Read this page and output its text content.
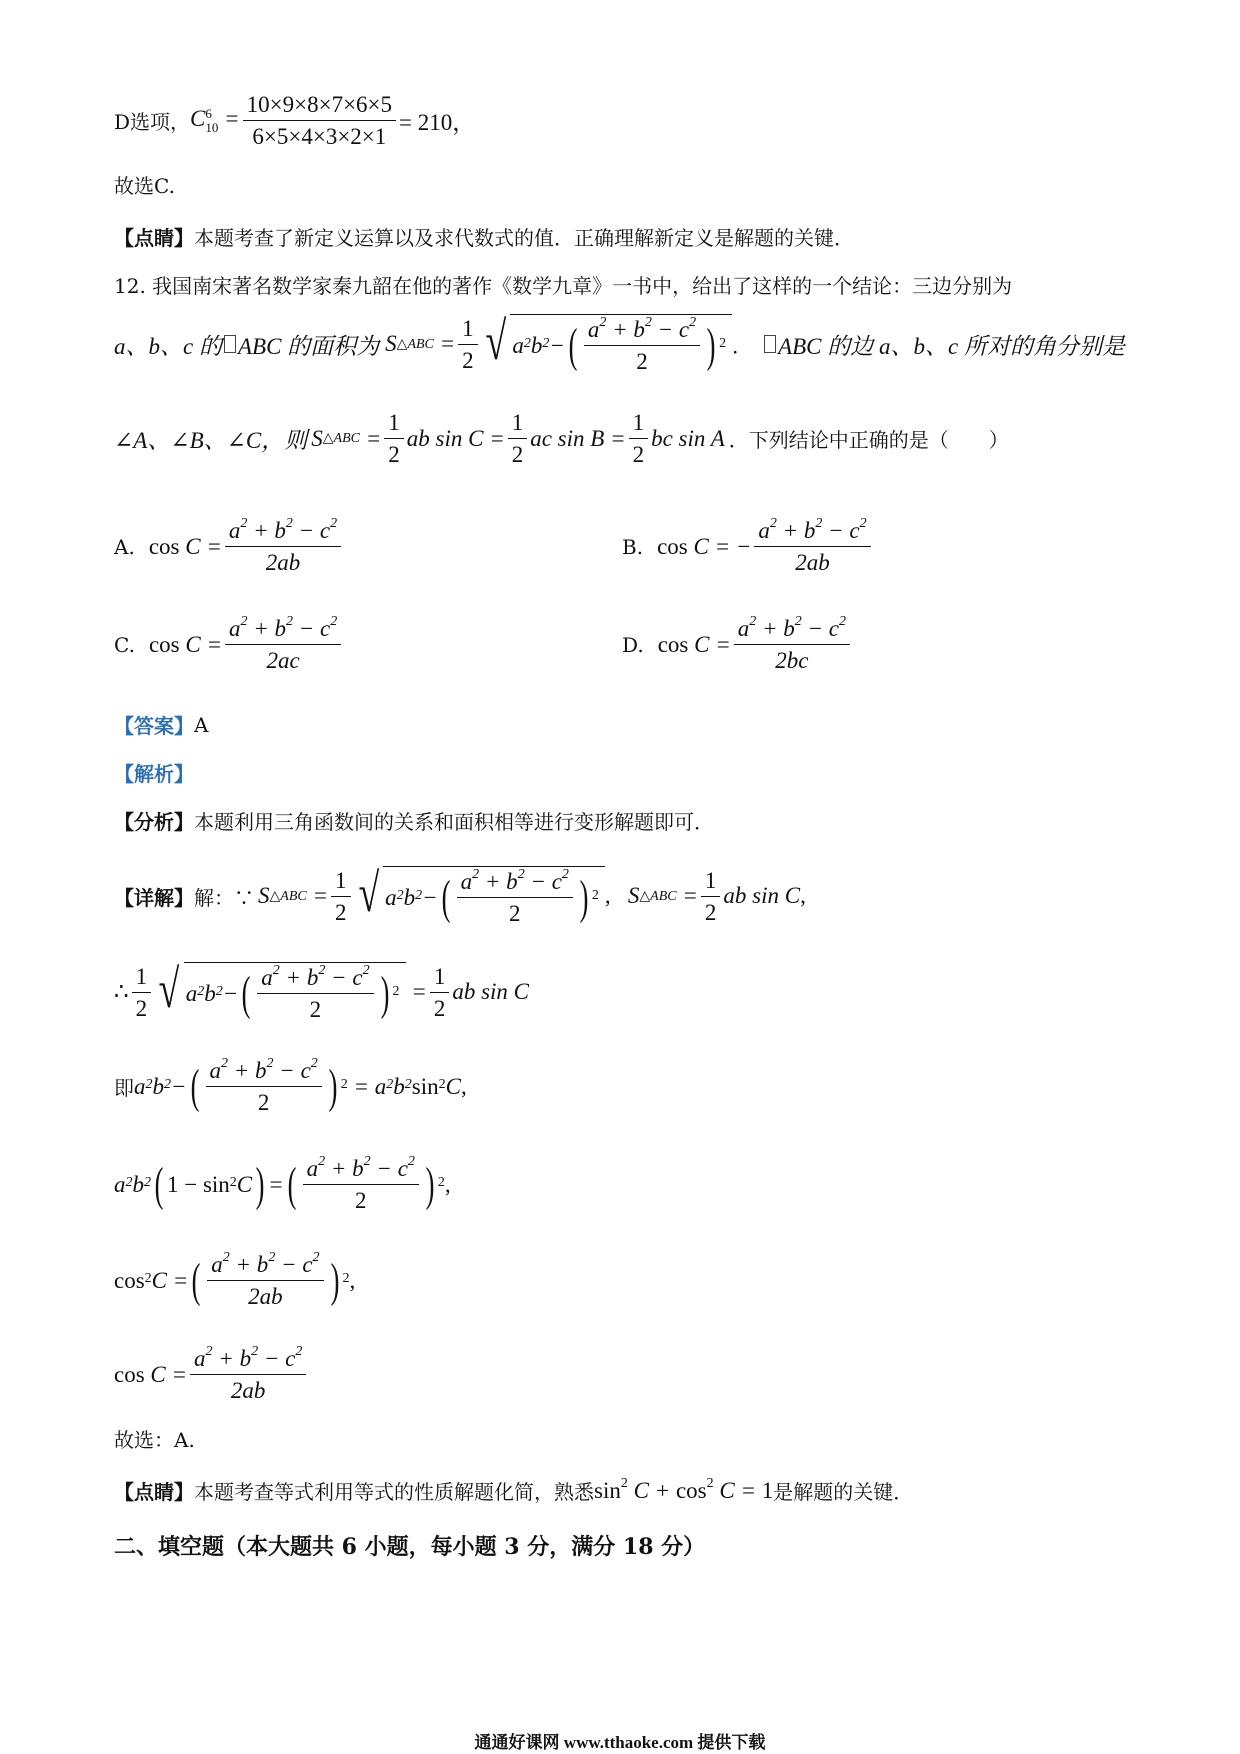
D选项， C 6
$10 = \frac{10\times 9\times 8\times 7\times 6\times 5}{6\times 5\times 4\times 3\times 2\times 1} = 210$，
故选C.
【点睛】 本题考查了新定义运算以及求代数式的值．正确理解新定义是解题的关键．
12. 我国南宋著名数学家秦九韶在他的著作《数学九章》一书中，给出了这样的一个结论：三边分别为
a、b、c 的 ABC 的面积为 S △ABC = $\frac{1}{2}$ √ a 2 b 2 − ( $\frac{a^2 + b^2 - c^2}{2}$ ) 2 ． ABC 的边 a、b、c 所对的角分别是
∠A、∠B、∠C，则 S △ABC = $\frac{1}{2}$ ab $\sin C = \frac{1}{2}$ ac $\sin B = \frac{1}{2}$ bc sin A ．下列结论中正确的是（　　）
A. $\cos C = \frac{a^2 + b^2 - c^2}{2ab}$	B. cos C = − $\frac{a^2 + b^2 - c^2}{2ab}$
C. $\cos C = \frac{a^2 + b^2 - c^2}{2ac}$	D. $\cos C = \frac{a^2 + b^2 - c^2}{2bc}$
【答案】 A
【解析】
【分析】 本题利用三角函数间的关系和面积相等进行变形解题即可．
【详解】 解：∵ S △ABC = $\frac{1}{2}$ √ a 2 b 2 − ( $\frac{a^2 + b^2 - c^2}{2}$ ) 2 , S △ABC = $\frac{1}{2}$ ab sin C ,
∴ $\frac{1}{2}$ √ a 2 b 2 − ( $\frac{a^2 + b^2 - c^2}{2}$ ) $2 = \frac{1}{2}$ ab sin C
即 a 2 b 2 − ( $\frac{a^2 + b^2 - c^2}{2}$ ) 2 = a 2 b 2 sin 2 C ,
a 2 b 2 ( 1 − sin 2 C ) = ( $\frac{a^2 + b^2 - c^2}{2}$ ) 2 ,
cos 2 C = ( $\frac{a^2 + b^2 - c^2}{2ab}$ ) 2 ,
$\cos C = \frac{a^2 + b^2 - c^2}{2ab}$
故选：A.
【点睛】 本题考查等式利用等式的性质解题化简，熟悉 $\sin^2 C + \cos^2 C = 1$ 是解题的关键．
二、填空题（本大题共 6 小题，每小题 3 分，满分 18 分）
通通好课网 www.tthaoke.com 提供下载
